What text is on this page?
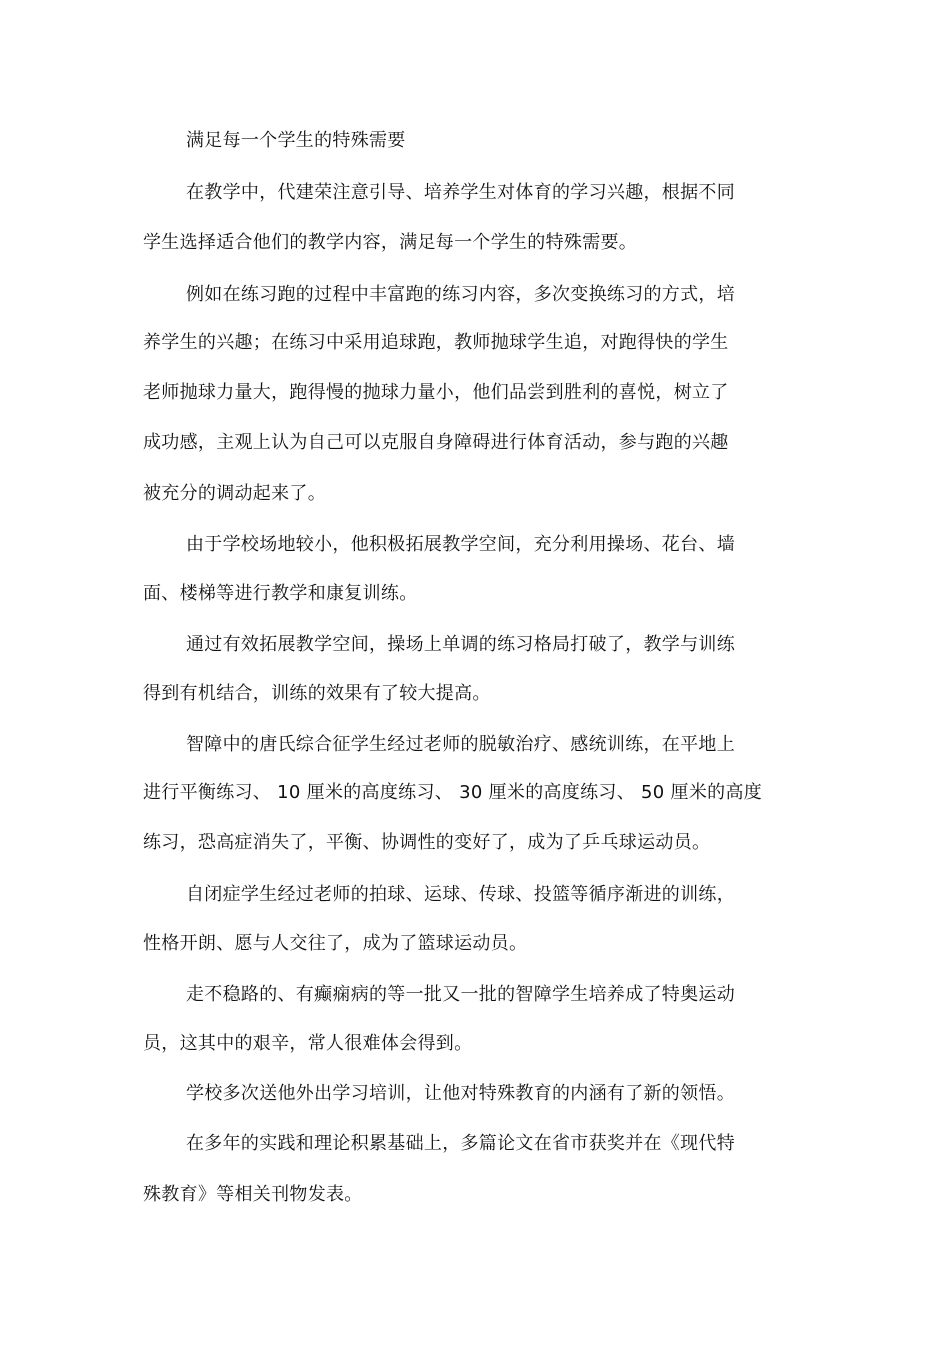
满足每一个学生的特殊需要
在教学中，代建荣注意引导、培养学生对体育的学习兴趣，根据不同
学生选择适合他们的教学内容，满足每一个学生的特殊需要。
例如在练习跑的过程中丰富跑的练习内容，多次变换练习的方式，培
养学生的兴趣；在练习中采用追球跑，教师抛球学生追，对跑得快的学生
老师抛球力量大，跑得慢的抛球力量小，他们品尝到胜利的喜悦，树立了
成功感，主观上认为自己可以克服自身障碍进行体育活动，参与跑的兴趣
被充分的调动起来了。
由于学校场地较小，他积极拓展教学空间，充分利用操场、花台、墙
面、楼梯等进行教学和康复训练。
通过有效拓展教学空间，操场上单调的练习格局打破了，教学与训练
得到有机结合，训练的效果有了较大提高。
智障中的唐氏综合征学生经过老师的脱敏治疗、感统训练，在平地上
进行平衡练习、 10 厘米的高度练习、 30 厘米的高度练习、 50 厘米的高度
练习，恐高症消失了，平衡、协调性的变好了，成为了乒乓球运动员。
自闭症学生经过老师的拍球、运球、传球、投篮等循序渐进的训练，
性格开朗、愿与人交往了，成为了篮球运动员。
走不稳路的、有癫痫病的等一批又一批的智障学生培养成了特奥运动
员，这其中的艰辛，常人很难体会得到。
学校多次送他外出学习培训，让他对特殊教育的内涵有了新的领悟。
在多年的实践和理论积累基础上，多篇论文在省市获奖并在《现代特
殊教育》等相关刊物发表。
